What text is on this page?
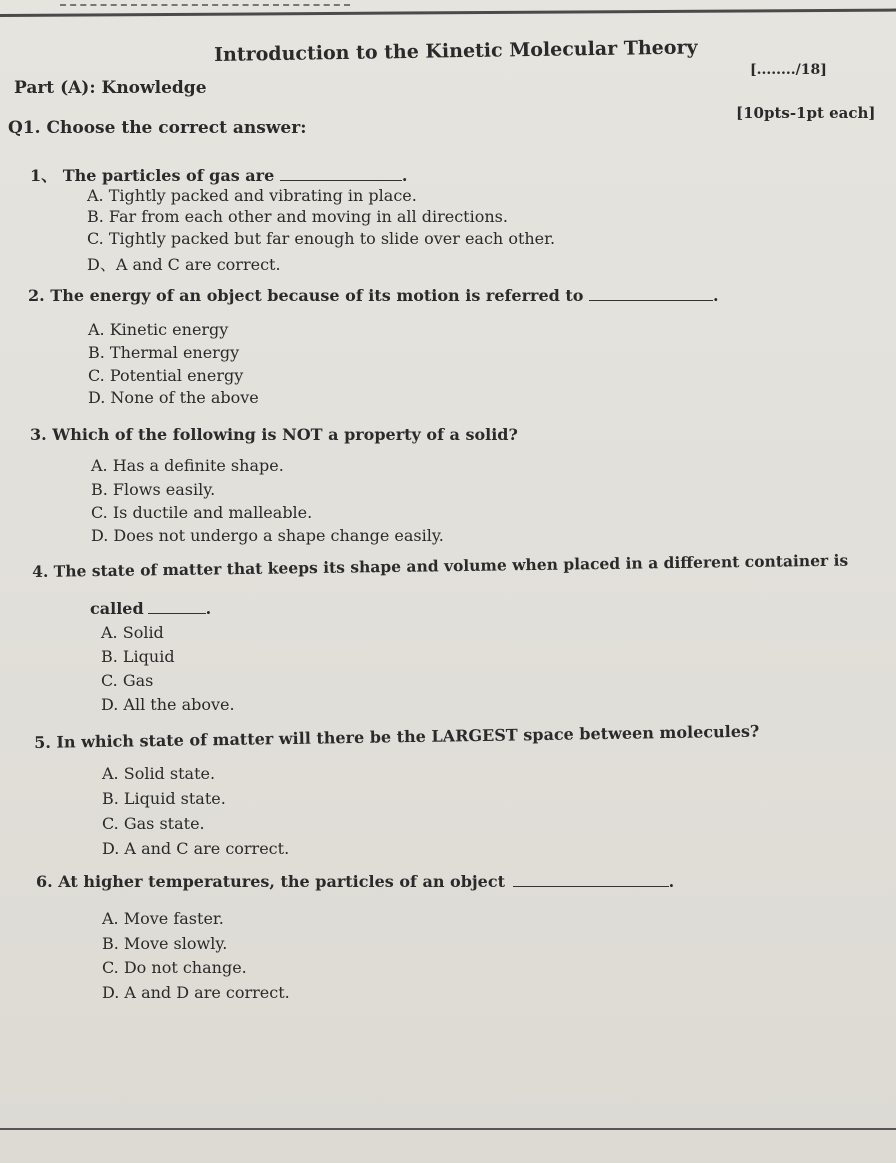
Introduction to the Kinetic Molecular Theory
[......../18]
Part (A): Knowledge
[10pts-1pt each]
Q1. Choose the correct answer:
1、 The particles of gas are	.
A. Tightly packed and vibrating in place.
B. Far from each other and moving in all directions.
C. Tightly packed but far enough to slide over each other.
D、A and C are correct.
2. The energy of an object because of its motion is referred to	.
A. Kinetic energy
B. Thermal energy
C. Potential energy
D. None of the above
3. Which of the following is NOT a property of a solid?
A. Has a definite shape.
B. Flows easily.
C. Is ductile and malleable.
D. Does not undergo a shape change easily.
4. The state of matter that keeps its shape and volume when placed in a different container is
called	.
A. Solid
B. Liquid
C. Gas
D. All the above.
5. In which state of matter will there be the LARGEST space between molecules?
A. Solid state.
B. Liquid state.
C. Gas state.
D. A and C are correct.
6. At higher temperatures, the particles of an object	.
A. Move faster.
B. Move slowly.
C. Do not change.
D. A and D are correct.
